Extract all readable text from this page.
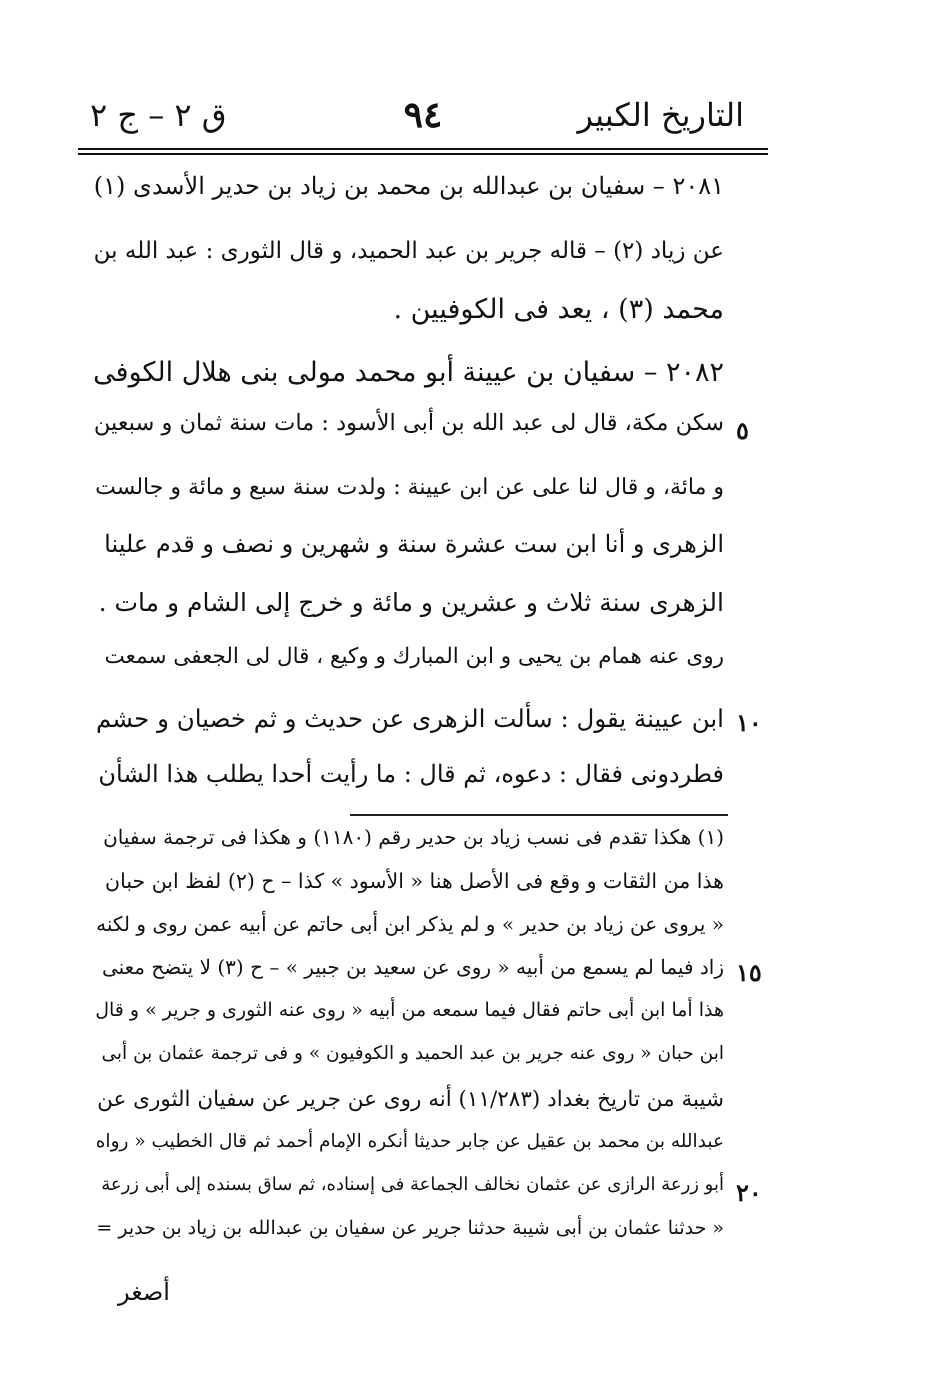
التاريخ الكبير
٩٤
ق ٢ – ج ٢
٢٠٨١ – سفيان بن عبدالله بن محمد بن زياد بن حدير الأسدى (١)
عن زياد (٢) – قاله جرير بن عبد الحميد، و قال الثورى : عبد الله بن
محمد (٣) ، يعد فى الكوفيين .
٢٠٨٢ – سفيان بن عيينة أبو محمد مولى بنى هلال الكوفى
سكن مكة، قال لى عبد الله بن أبى الأسود : مات سنة ثمان و سبعين
و مائة، و قال لنا على عن ابن عيينة : ولدت سنة سبع و مائة و جالست
الزهرى و أنا ابن ست عشرة سنة و شهرين و نصف و قدم علينا
الزهرى سنة ثلاث و عشرين و مائة و خرج إلى الشام و مات .
روى عنه همام بن يحيى و ابن المبارك و وكيع ، قال لى الجعفى سمعت
ابن عيينة يقول : سألت الزهرى عن حديث و ثم خصيان و حشم
فطردونى فقال : دعوه، ثم قال : ما رأيت أحدا يطلب هذا الشأن
٥
١٠
١٥
٢٠
(١) هكذا تقدم فى نسب زياد بن حدير رقم (١١٨٠) و هكذا فى ترجمة سفيان
هذا من الثقات و وقع فى الأصل هنا « الأسود » كذا – ح (٢) لفظ ابن حبان
« يروى عن زياد بن حدير » و لم يذكر ابن أبى حاتم عن أبيه عمن روى و لكنه
زاد فيما لم يسمع من أبيه « روى عن سعيد بن جبير » – ح (٣) لا يتضح معنى
هذا أما ابن أبى حاتم فقال فيما سمعه من أبيه « روى عنه الثورى و جرير » و قال
ابن حبان « روى عنه جرير بن عبد الحميد و الكوفيون » و فى ترجمة عثمان بن أبى
شيبة من تاريخ بغداد (١١/٢٨٣) أنه روى عن جرير عن سفيان الثورى عن
عبدالله بن محمد بن عقيل عن جابر حديثا أنكره الإمام أحمد ثم قال الخطيب « رواه
أبو زرعة الرازى عن عثمان نخالف الجماعة فى إسناده، ثم ساق بسنده إلى أبى زرعة
« حدثنا عثمان بن أبى شيبة حدثنا جرير عن سفيان بن عبدالله بن زياد بن حدير =
أصغر
